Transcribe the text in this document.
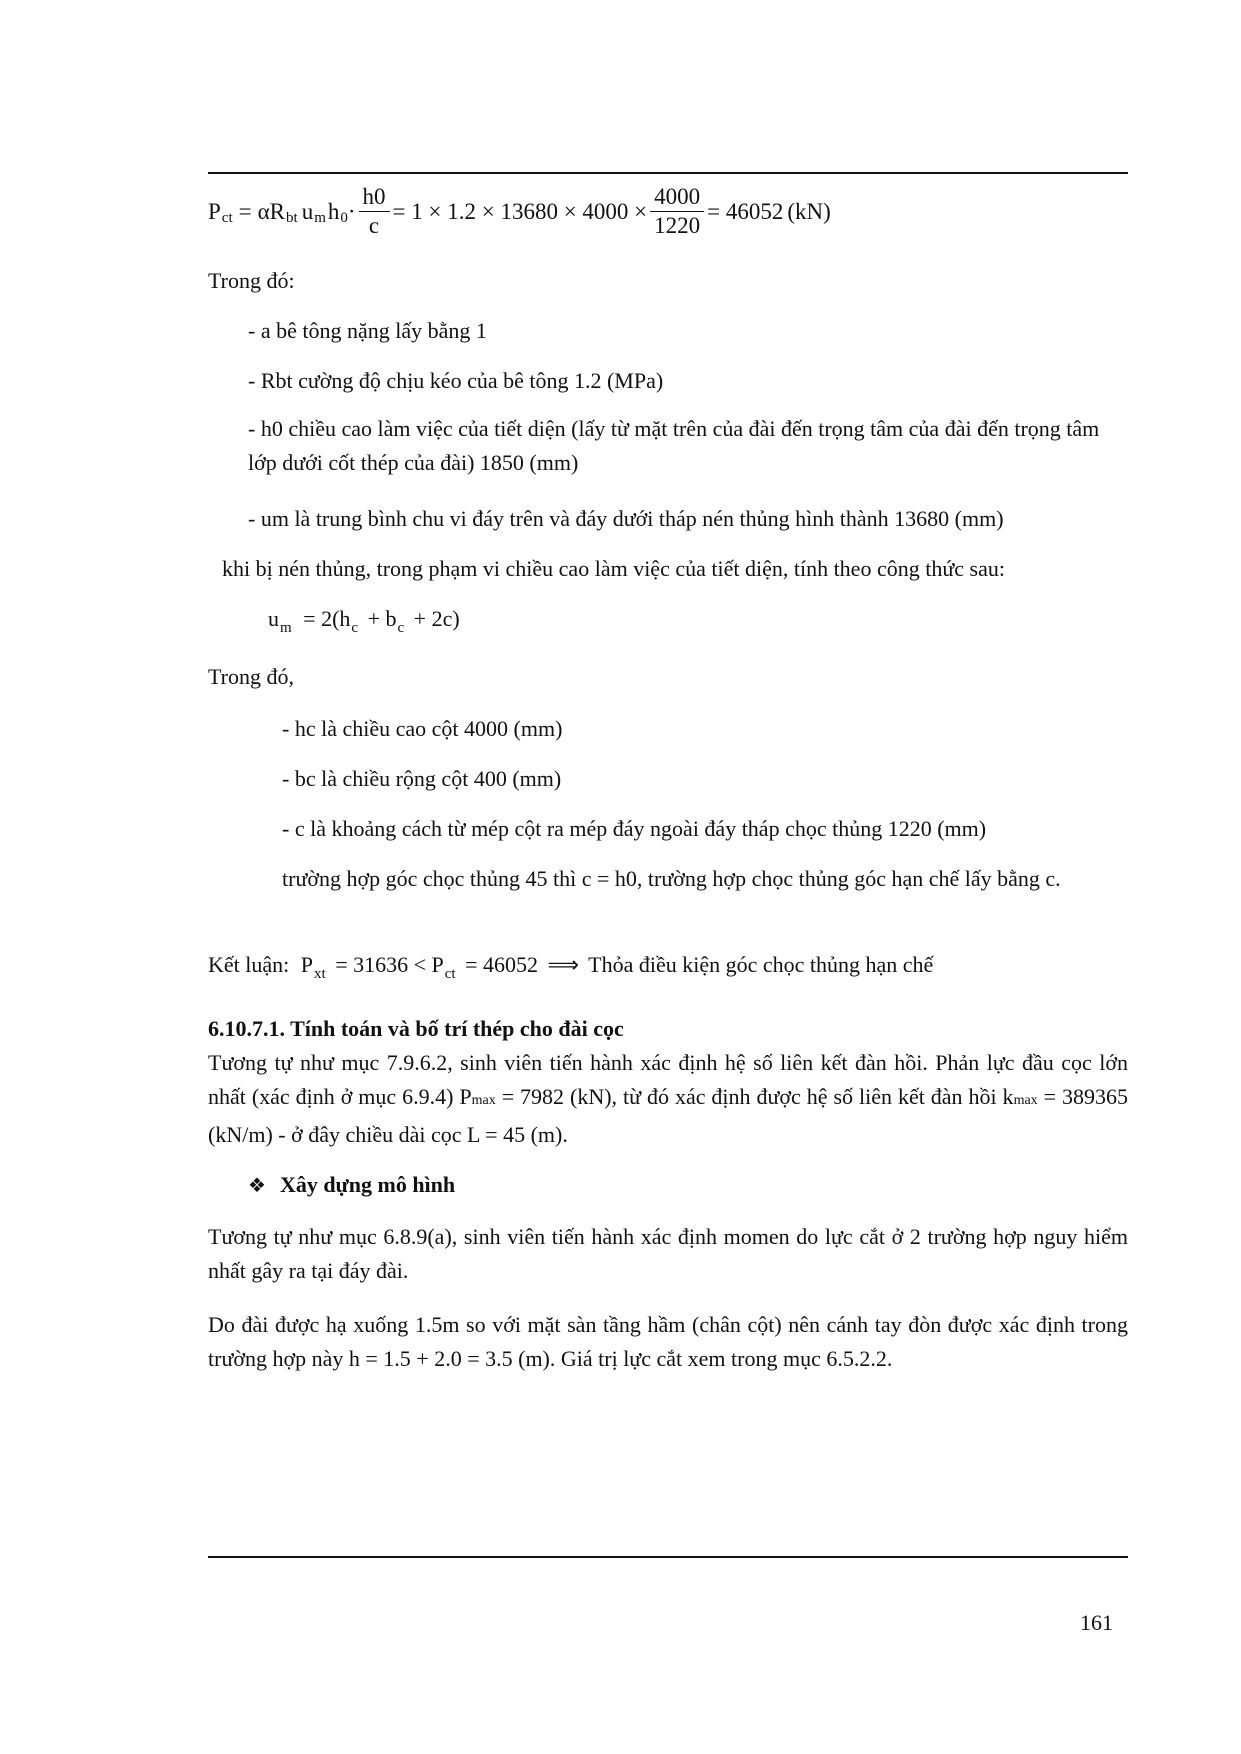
P ct = αR bt u m h $0 \cdot \frac{h0}{c} = 1 \times 1.2 \times 13680 \times 4000 \times \frac{4000}{1220} = 46052$ (kN)
Trong đó:
- a bê tông nặng lấy bằng 1
- Rbt cường độ chịu kéo của bê tông 1.2 (MPa)
- h0 chiều cao làm việc của tiết diện (lấy từ mặt trên của đài đến trọng tâm của đài đến trọng tâm lớp dưới cốt thép của đài) 1850 (mm)
- um là trung bình chu vi đáy trên và đáy dưới tháp nén thủng hình thành 13680 (mm)
khi bị nén thủng, trong phạm vi chiều cao làm việc của tiết diện, tính theo công thức sau:
$u_m = 2(h_c + b_c + 2c)$
Trong đó,
- hc là chiều cao cột 4000 (mm)
- bc là chiều rộng cột 400 (mm)
- c là khoảng cách từ mép cột ra mép đáy ngoài đáy tháp chọc thủng 1220 (mm)
trường hợp góc chọc thủng 45 thì c = h0, trường hợp chọc thủng góc hạn chế lấy bằng c.
Kết luận: $P_{xt} = 31636 < P_{ct} = 46052$ ⟹ Thỏa điều kiện góc chọc thủng hạn chế
6.10.7.1. Tính toán và bố trí thép cho đài cọc
Tương tự như mục 7.9.6.2, sinh viên tiến hành xác định hệ số liên kết đàn hồi. Phản lực đầu cọc lớn nhất (xác định ở mục 6.9.4) Pmax = 7982 (kN), từ đó xác định được hệ số liên kết đàn hồi kmax = 389365 (kN/m) - ở đây chiều dài cọc L = 45 (m).
❖ Xây dựng mô hình
Tương tự như mục 6.8.9(a), sinh viên tiến hành xác định momen do lực cắt ở 2 trường hợp nguy hiểm nhất gây ra tại đáy đài.
Do đài được hạ xuống 1.5m so với mặt sàn tầng hầm (chân cột) nên cánh tay đòn được xác định trong trường hợp này h = 1.5 + 2.0 = 3.5 (m). Giá trị lực cắt xem trong mục 6.5.2.2.
161
